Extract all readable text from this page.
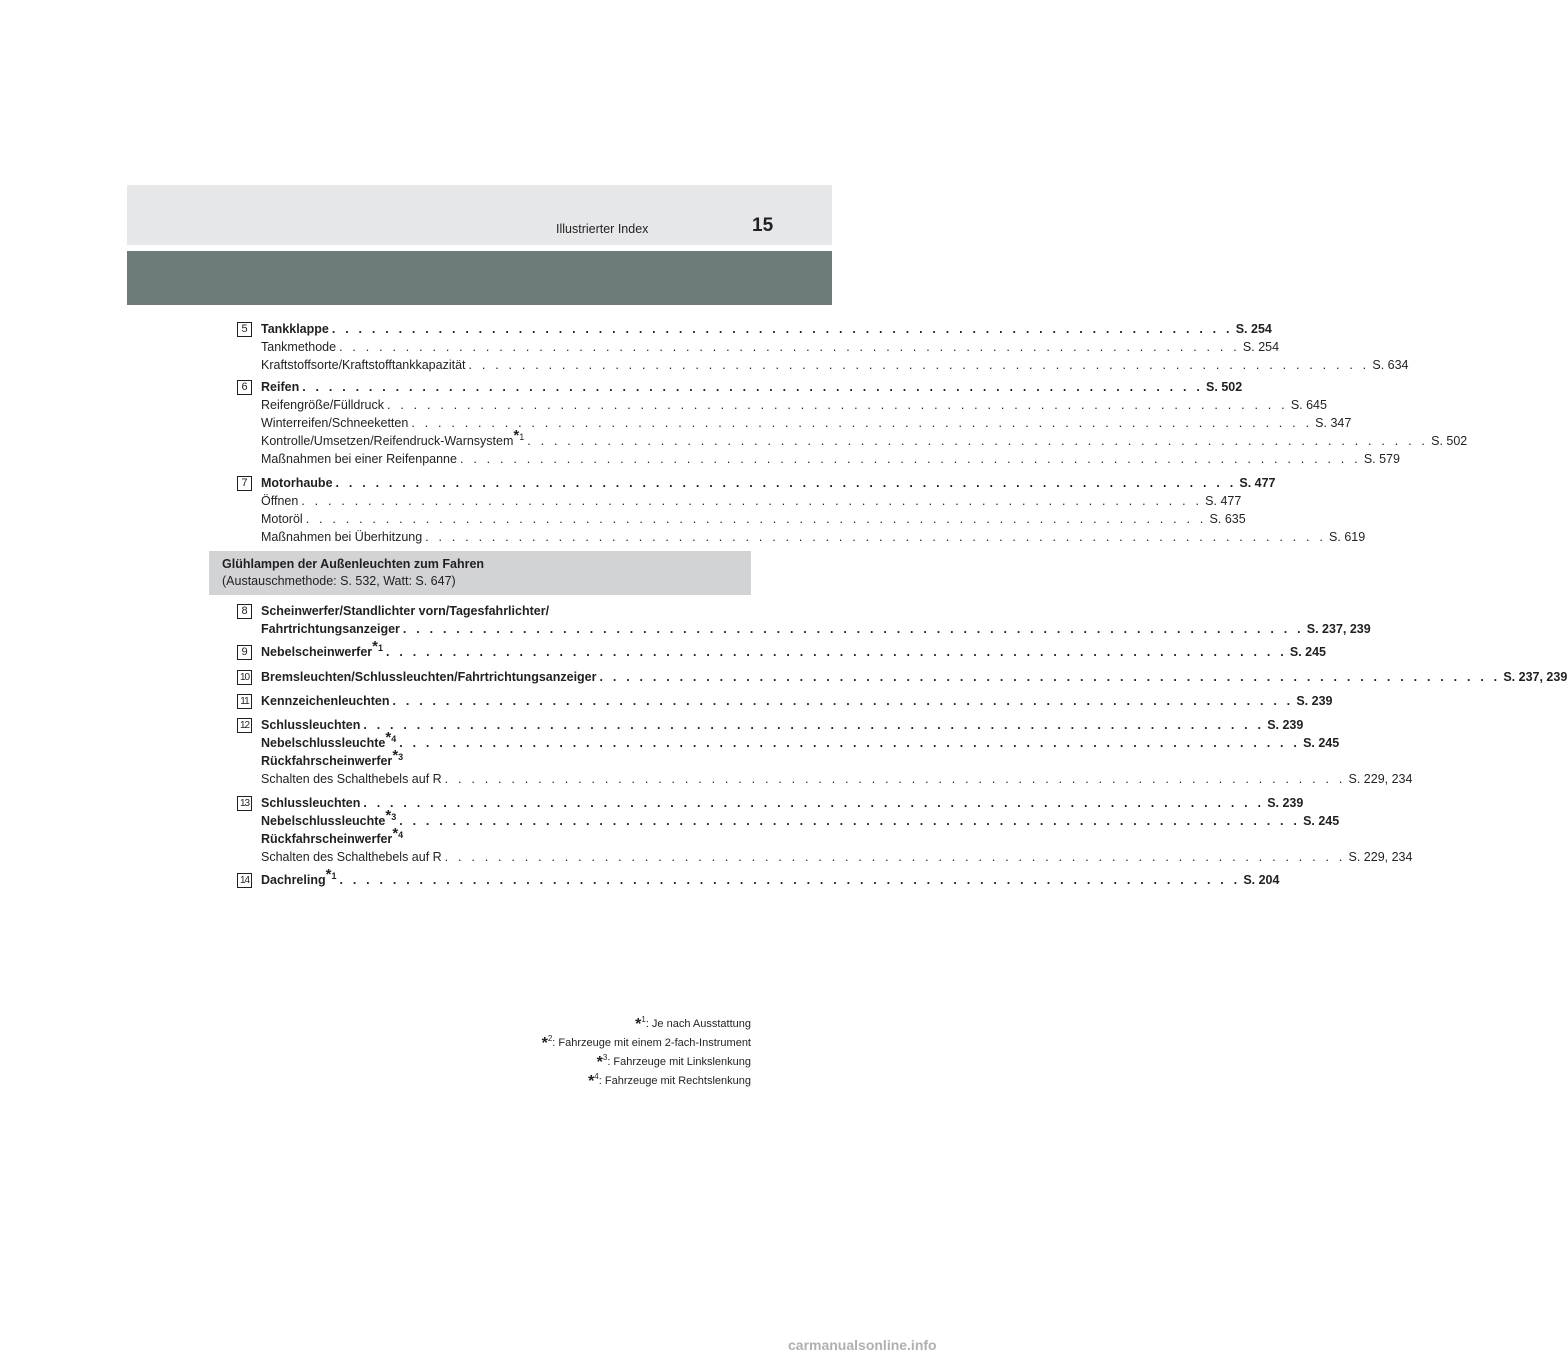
Illustrierter Index	15
Glühlampen der Außenleuchten zum Fahren
(Austauschmethode: S. 532, Watt: S. 647)
5	Tankklappe . . . . . . . . . . . . . . . . . . . . . . . . . . . . . . . . . . . . . . . . . . . . . . . . . . . . . . . . . . . . . . . . . . . . S. 254
Tankmethode . . . . . . . . . . . . . . . . . . . . . . . . . . . . . . . . . . . . . . . . . . . . . . . . . . . . . . . . . . . . . . . . . . . . S. 254
Kraftstoffsorte/Kraftstofftankkapazität . . . . . . . . . . . . . . . . . . . . . . . . . . . . . . . . . . . . . . . . . . . . . . . . . . . . . . . . . . . . . . . . . . . . S. 634
6	Reifen . . . . . . . . . . . . . . . . . . . . . . . . . . . . . . . . . . . . . . . . . . . . . . . . . . . . . . . . . . . . . . . . . . . . S. 502
Reifengröße/Fülldruck . . . . . . . . . . . . . . . . . . . . . . . . . . . . . . . . . . . . . . . . . . . . . . . . . . . . . . . . . . . . . . . . . . . . S. 645
Winterreifen/Schneeketten . . . . . . . . . . . . . . . . . . . . . . . . . . . . . . . . . . . . . . . . . . . . . . . . . . . . . . . . . . . . . . . . . . . . S. 347
Kontrolle/Umsetzen/Reifendruck-Warnsystem$^{*1}$ . . . . . . . . . . . . . . . . . . . . . . . . . . . . . . . . . . . . . . . . . . . . . . . . . . . . . . . . . . . . . . . . . . . . S. 502
Maßnahmen bei einer Reifenpanne . . . . . . . . . . . . . . . . . . . . . . . . . . . . . . . . . . . . . . . . . . . . . . . . . . . . . . . . . . . . . . . . . . . . S. 579
7	Motorhaube . . . . . . . . . . . . . . . . . . . . . . . . . . . . . . . . . . . . . . . . . . . . . . . . . . . . . . . . . . . . . . . . . . . . S. 477
Öffnen . . . . . . . . . . . . . . . . . . . . . . . . . . . . . . . . . . . . . . . . . . . . . . . . . . . . . . . . . . . . . . . . . . . . S. 477
Motoröl . . . . . . . . . . . . . . . . . . . . . . . . . . . . . . . . . . . . . . . . . . . . . . . . . . . . . . . . . . . . . . . . . . . . S. 635
Maßnahmen bei Überhitzung . . . . . . . . . . . . . . . . . . . . . . . . . . . . . . . . . . . . . . . . . . . . . . . . . . . . . . . . . . . . . . . . . . . . S. 619
8	Scheinwerfer/Standlichter vorn/Tagesfahrlichter/
Fahrtrichtungsanzeiger . . . . . . . . . . . . . . . . . . . . . . . . . . . . . . . . . . . . . . . . . . . . . . . . . . . . . . . . . . . . . . . . . . . . S. 237, 239
9	Nebelscheinwerfer$^{*1}$ . . . . . . . . . . . . . . . . . . . . . . . . . . . . . . . . . . . . . . . . . . . . . . . . . . . . . . . . . . . . . . . . . . . . S. 245
10 Bremsleuchten/Schlussleuchten/Fahrtrichtungsanzeiger . . . . . . . . . . . . . . . . . . . . . . . . . . . . . . . . . . . . . . . . . . . . . . . . . . . . . . . . . . . . . . . . . . . . S. 237, 239
11 Kennzeichenleuchten . . . . . . . . . . . . . . . . . . . . . . . . . . . . . . . . . . . . . . . . . . . . . . . . . . . . . . . . . . . . . . . . . . . . S. 239
12 Schlussleuchten . . . . . . . . . . . . . . . . . . . . . . . . . . . . . . . . . . . . . . . . . . . . . . . . . . . . . . . . . . . . . . . . . . . . S. 239
Nebelschlussleuchte$^{*4}$ . . . . . . . . . . . . . . . . . . . . . . . . . . . . . . . . . . . . . . . . . . . . . . . . . . . . . . . . . . . . . . . . . . . . S. 245
Rückfahrscheinwerfer$^{*3}$
Schalten des Schalthebels auf R . . . . . . . . . . . . . . . . . . . . . . . . . . . . . . . . . . . . . . . . . . . . . . . . . . . . . . . . . . . . . . . . . . . . S. 229, 234
13 Schlussleuchten . . . . . . . . . . . . . . . . . . . . . . . . . . . . . . . . . . . . . . . . . . . . . . . . . . . . . . . . . . . . . . . . . . . . S. 239
Nebelschlussleuchte$^{*3}$ . . . . . . . . . . . . . . . . . . . . . . . . . . . . . . . . . . . . . . . . . . . . . . . . . . . . . . . . . . . . . . . . . . . . S. 245
Rückfahrscheinwerfer$^{*4}$
Schalten des Schalthebels auf R . . . . . . . . . . . . . . . . . . . . . . . . . . . . . . . . . . . . . . . . . . . . . . . . . . . . . . . . . . . . . . . . . . . . S. 229, 234
14 Dachreling$^{*1}$ . . . . . . . . . . . . . . . . . . . . . . . . . . . . . . . . . . . . . . . . . . . . . . . . . . . . . . . . . . . . . . . . . . . . S. 204
*$^1$: Je nach Ausstattung
*$^2$: Fahrzeuge mit einem 2-fach-Instrument
*$^3$: Fahrzeuge mit Linkslenkung
*$^4$: Fahrzeuge mit Rechtslenkung
carmanualsonline.info
